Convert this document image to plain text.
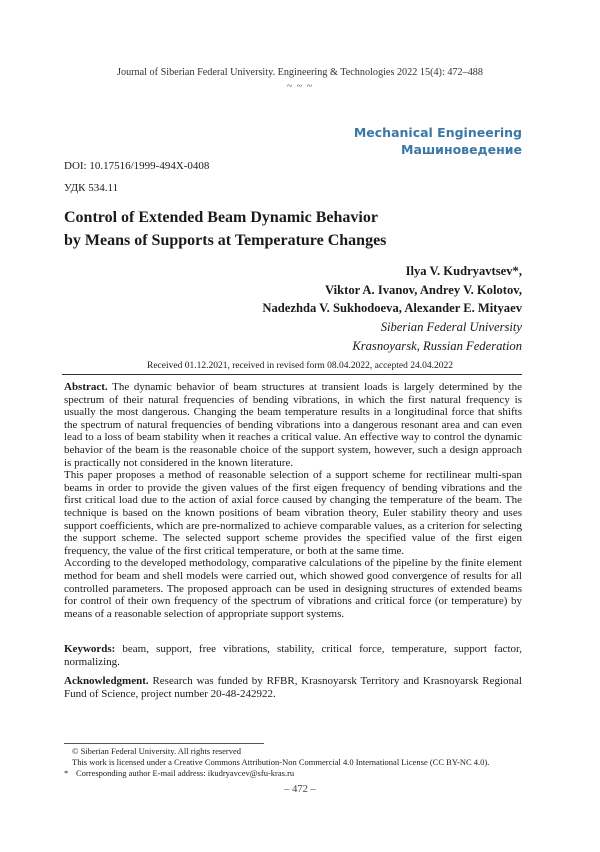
Journal of Siberian Federal University. Engineering & Technologies 2022 15(4): 472–488
~ ~ ~
Mechanical Engineering
Машиноведение
DOI: 10.17516/1999-494X-0408
УДК 534.11
Control of Extended Beam Dynamic Behavior
by Means of Supports at Temperature Changes
Ilya V. Kudryavtsev*,
Viktor A. Ivanov, Andrey V. Kolotov,
Nadezhda V. Sukhodoeva, Alexander E. Mityaev
Siberian Federal University
Krasnoyarsk, Russian Federation
Received 01.12.2021, received in revised form 08.04.2022, accepted 24.04.2022

Abstract. The dynamic behavior of beam structures at transient loads is largely determined by the spectrum of their natural frequencies of bending vibrations, in which the first natural frequency is usually the most dangerous. Changing the beam temperature results in a longitudinal force that shifts the spectrum of natural frequencies of bending vibrations into a dangerous resonant area and can even lead to a loss of beam stability when it reaches a critical value. An effective way to control the dynamic behavior of the beam is the reasonable choice of the support system, however, such a design approach is practically not considered in the known literature.

This paper proposes a method of reasonable selection of a support scheme for rectilinear multi-span beams in order to provide the given values of the first eigen frequency of bending vibrations and the first critical load due to the action of axial force caused by changing the temperature of the beam. The technique is based on the known positions of beam vibration theory, Euler stability theory and uses support coefficients, which are pre-normalized to achieve comparable values, as a criterion for selecting the support scheme. The selected support scheme provides the specified value of the first eigen frequency, the value of the first critical temperature, or both at the same time.

According to the developed methodology, comparative calculations of the pipeline by the finite element method for beam and shell models were carried out, which showed good convergence of results for all controlled parameters. The proposed approach can be used in designing structures of extended beams for control of their own frequency of the spectrum of vibrations and critical force (or temperature) by means of a reasonable selection of appropriate support systems.

Keywords: beam, support, free vibrations, stability, critical force, temperature, support factor, normalizing.
Acknowledgment. Research was funded by RFBR, Krasnoyarsk Territory and Krasnoyarsk Regional Fund of Science, project number 20-48-242922.
© Siberian Federal University. All rights reserved
This work is licensed under a Creative Commons Attribution-Non Commercial 4.0 International License (CC BY-NC 4.0).
* Corresponding author E-mail address: ikudryavcev@sfu-kras.ru
– 472 –
